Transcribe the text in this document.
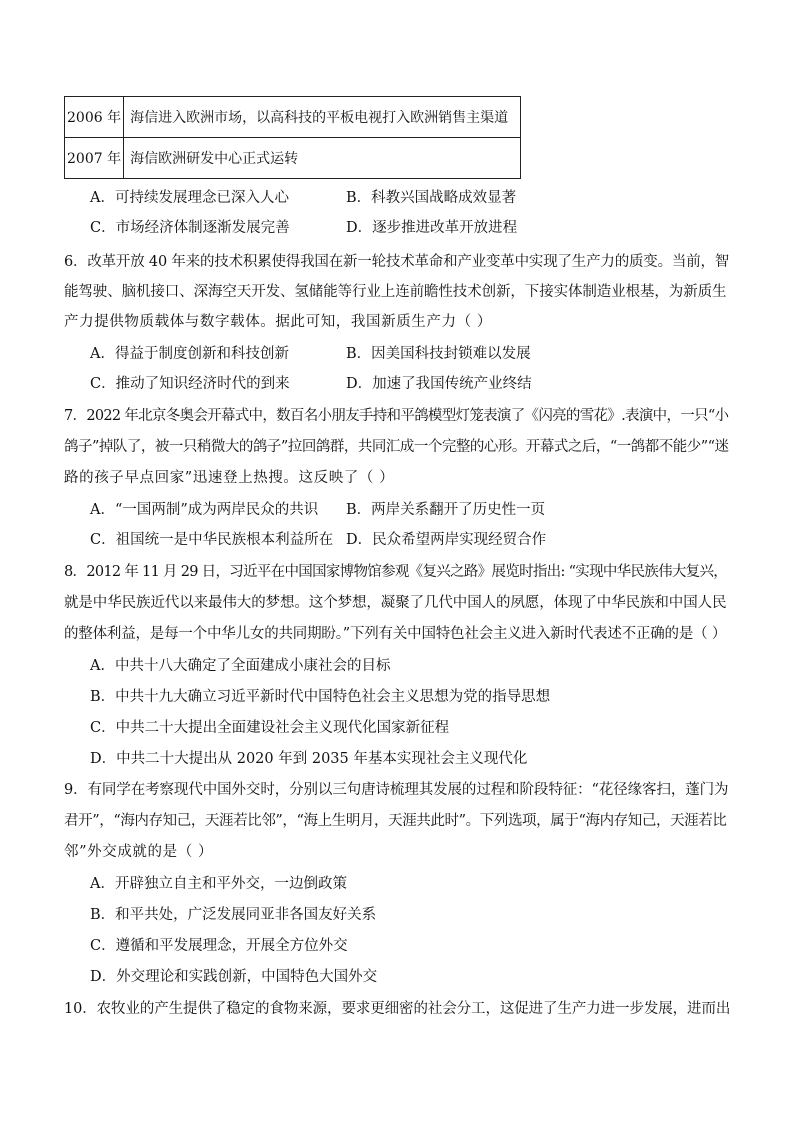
2006 年	海信进入欧洲市场，以高科技的平板电视打入欧洲销售主渠道
2007 年	海信欧洲研发中心正式运转
A．可持续发展理念已深入人心	B．科教兴国战略成效显著
C．市场经济体制逐渐发展完善	D．逐步推进改革开放进程
6．改革开放 40 年来的技术积累使得我国在新一轮技术革命和产业变革中实现了生产力的质变。当前，智
能驾驶、脑机接口、深海空天开发、氢储能等行业上连前瞻性技术创新，下接实体制造业根基，为新质生
产力提供物质载体与数字载体。据此可知，我国新质生产力（ ）
A．得益于制度创新和科技创新	B．因美国科技封锁难以发展
C．推动了知识经济时代的到来	D．加速了我国传统产业终结
7．2022 年北京冬奥会开幕式中，数百名小朋友手持和平鸽模型灯笼表演了《闪亮的雪花》.表演中，一只“小
鸽子”掉队了，被一只稍微大的鸽子”拉回鸽群，共同汇成一个完整的心形。开幕式之后，“一鸽都不能少”“迷
路的孩子早点回家”迅速登上热搜。这反映了（ ）
A．“一国两制”成为两岸民众的共识 B．两岸关系翻开了历史性一页
C．祖国统一是中华民族根本利益所在 D．民众希望两岸实现经贸合作
8．2012 年 11 月 29 日，习近平在中国国家博物馆参观《复兴之路》展览时指出: “实现中华民族伟大复兴，
就是中华民族近代以来最伟大的梦想。这个梦想，凝聚了几代中国人的夙愿，体现了中华民族和中国人民
的整体利益，是每一个中华儿女的共同期盼。”下列有关中国特色社会主义进入新时代表述不正确的是（ ）
A．中共十八大确定了全面建成小康社会的目标
B．中共十九大确立习近平新时代中国特色社会主义思想为党的指导思想
C．中共二十大提出全面建设社会主义现代化国家新征程
D．中共二十大提出从 2020 年到 2035 年基本实现社会主义现代化
9．有同学在考察现代中国外交时，分别以三句唐诗梳理其发展的过程和阶段特征：“花径缘客扫，蓬门为
君开”，“海内存知己，天涯若比邻”，“海上生明月，天涯共此时”。下列选项，属于“海内存知己，天涯若比
邻”外交成就的是（ ）
A．开辟独立自主和平外交，一边倒政策
B．和平共处，广泛发展同亚非各国友好关系
C．遵循和平发展理念，开展全方位外交
D．外交理论和实践创新，中国特色大国外交
10．农牧业的产生提供了稳定的食物来源，要求更细密的社会分工，这促进了生产力进一步发展，进而出
